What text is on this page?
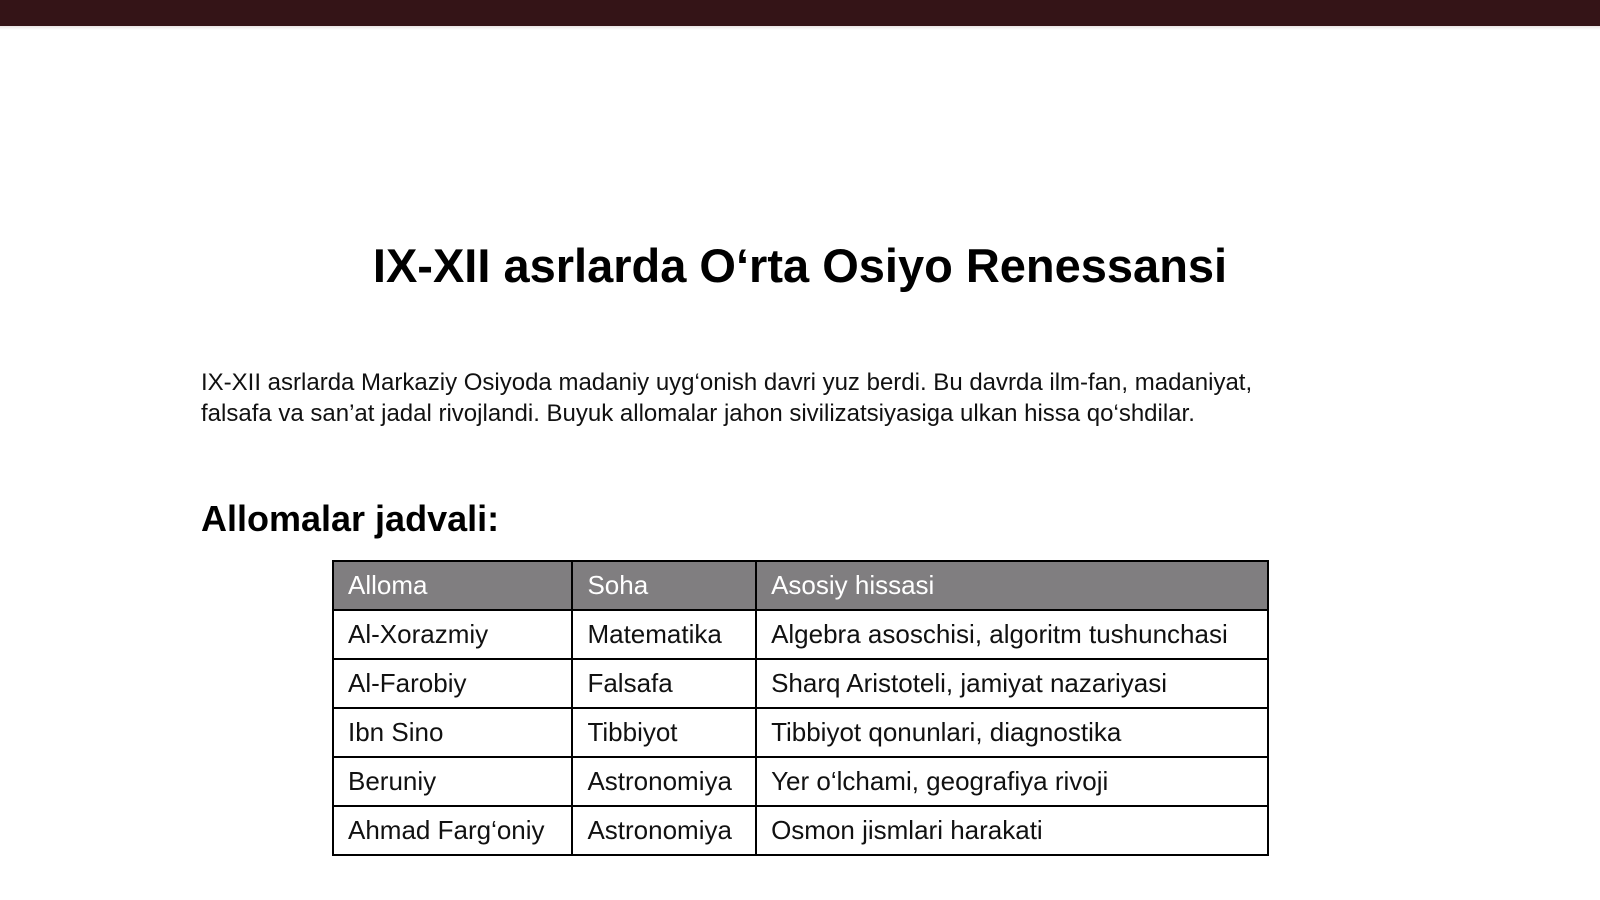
IX-XII asrlarda O‘rta Osiyo Renessansi

IX-XII asrlarda Markaziy Osiyoda madaniy uyg‘onish davri yuz berdi. Bu davrda ilm-fan, madaniyat,
falsafa va san’at jadal rivojlandi. Buyuk allomalar jahon sivilizatsiyasiga ulkan hissa qo‘shdilar.

Allomalar jadvali:
Alloma	Soha	Asosiy hissasi
Al-Xorazmiy	Matematika	Algebra asoschisi, algoritm tushunchasi
Al-Farobiy	Falsafa	Sharq Aristoteli, jamiyat nazariyasi
Ibn Sino	Tibbiyot	Tibbiyot qonunlari, diagnostika
Beruniy	Astronomiya	Yer o‘lchami, geografiya rivoji
Ahmad Farg‘oniy	Astronomiya	Osmon jismlari harakati
